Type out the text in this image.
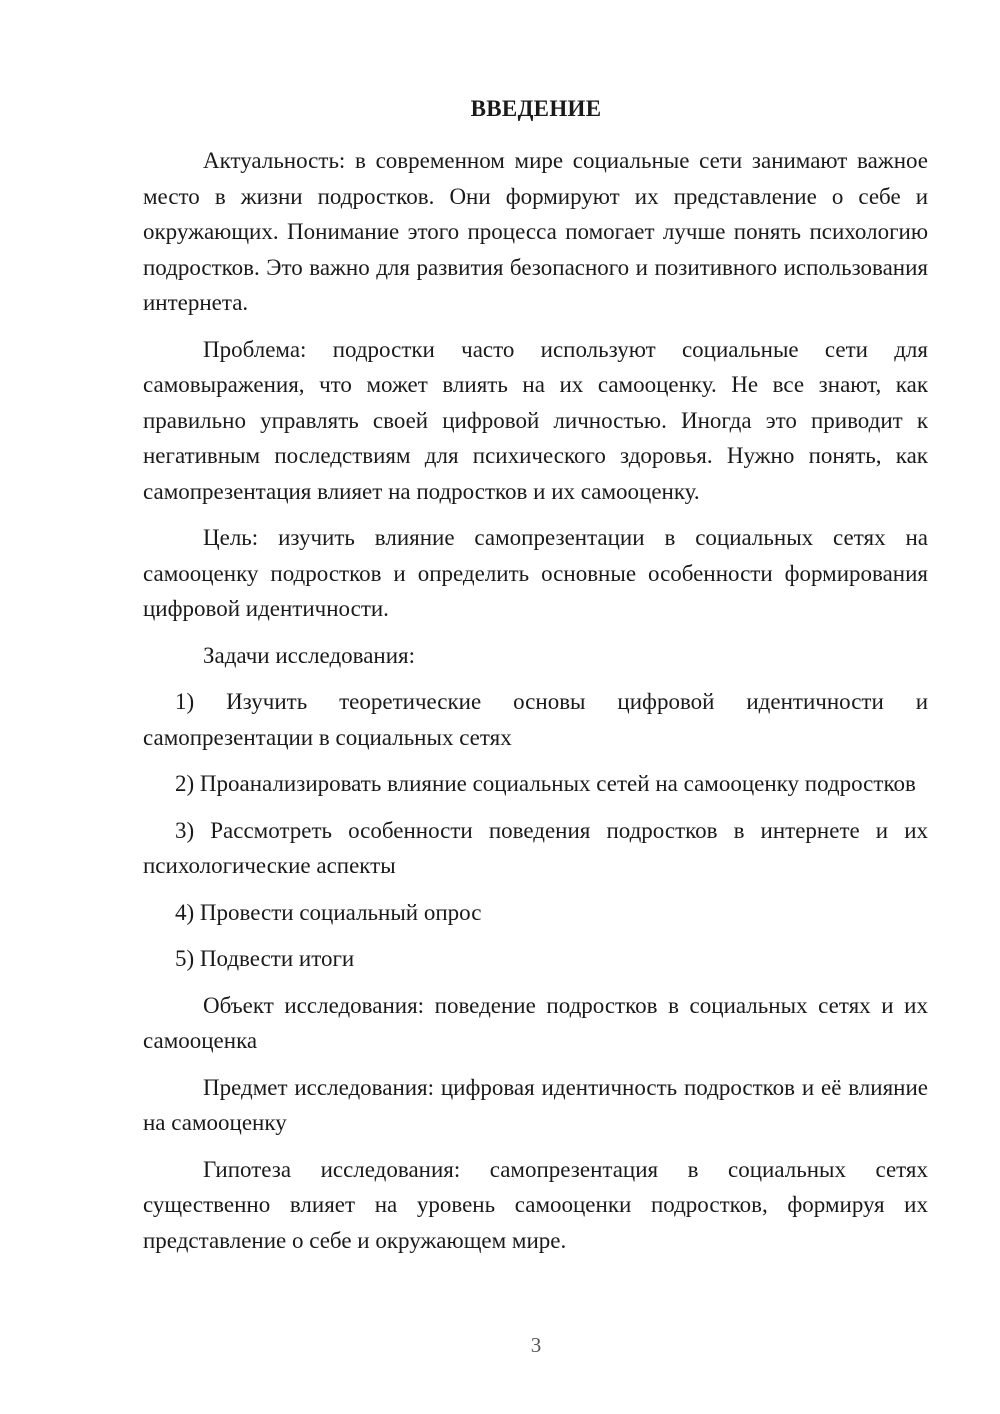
ВВЕДЕНИЕ

Актуальность: в современном мире социальные сети занимают важное место в жизни подростков. Они формируют их представление о себе и окружающих. Понимание этого процесса помогает лучше понять психологию подростков. Это важно для развития безопасного и позитивного использования интернета.

Проблема: подростки часто используют социальные сети для самовыражения, что может влиять на их самооценку. Не все знают, как правильно управлять своей цифровой личностью. Иногда это приводит к негативным последствиям для психического здоровья. Нужно понять, как самопрезентация влияет на подростков и их самооценку.

Цель: изучить влияние самопрезентации в социальных сетях на самооценку подростков и определить основные особенности формирования цифровой идентичности.

Задачи исследования:

1) Изучить теоретические основы цифровой идентичности и самопрезентации в социальных сетях

2) Проанализировать влияние социальных сетей на самооценку подростков

3) Рассмотреть особенности поведения подростков в интернете и их психологические аспекты

4) Провести социальный опрос

5) Подвести итоги

Объект исследования: поведение подростков в социальных сетях и их самооценка

Предмет исследования: цифровая идентичность подростков и её влияние на самооценку

Гипотеза исследования: самопрезентация в социальных сетях существенно влияет на уровень самооценки подростков, формируя их представление о себе и окружающем мире.

3
